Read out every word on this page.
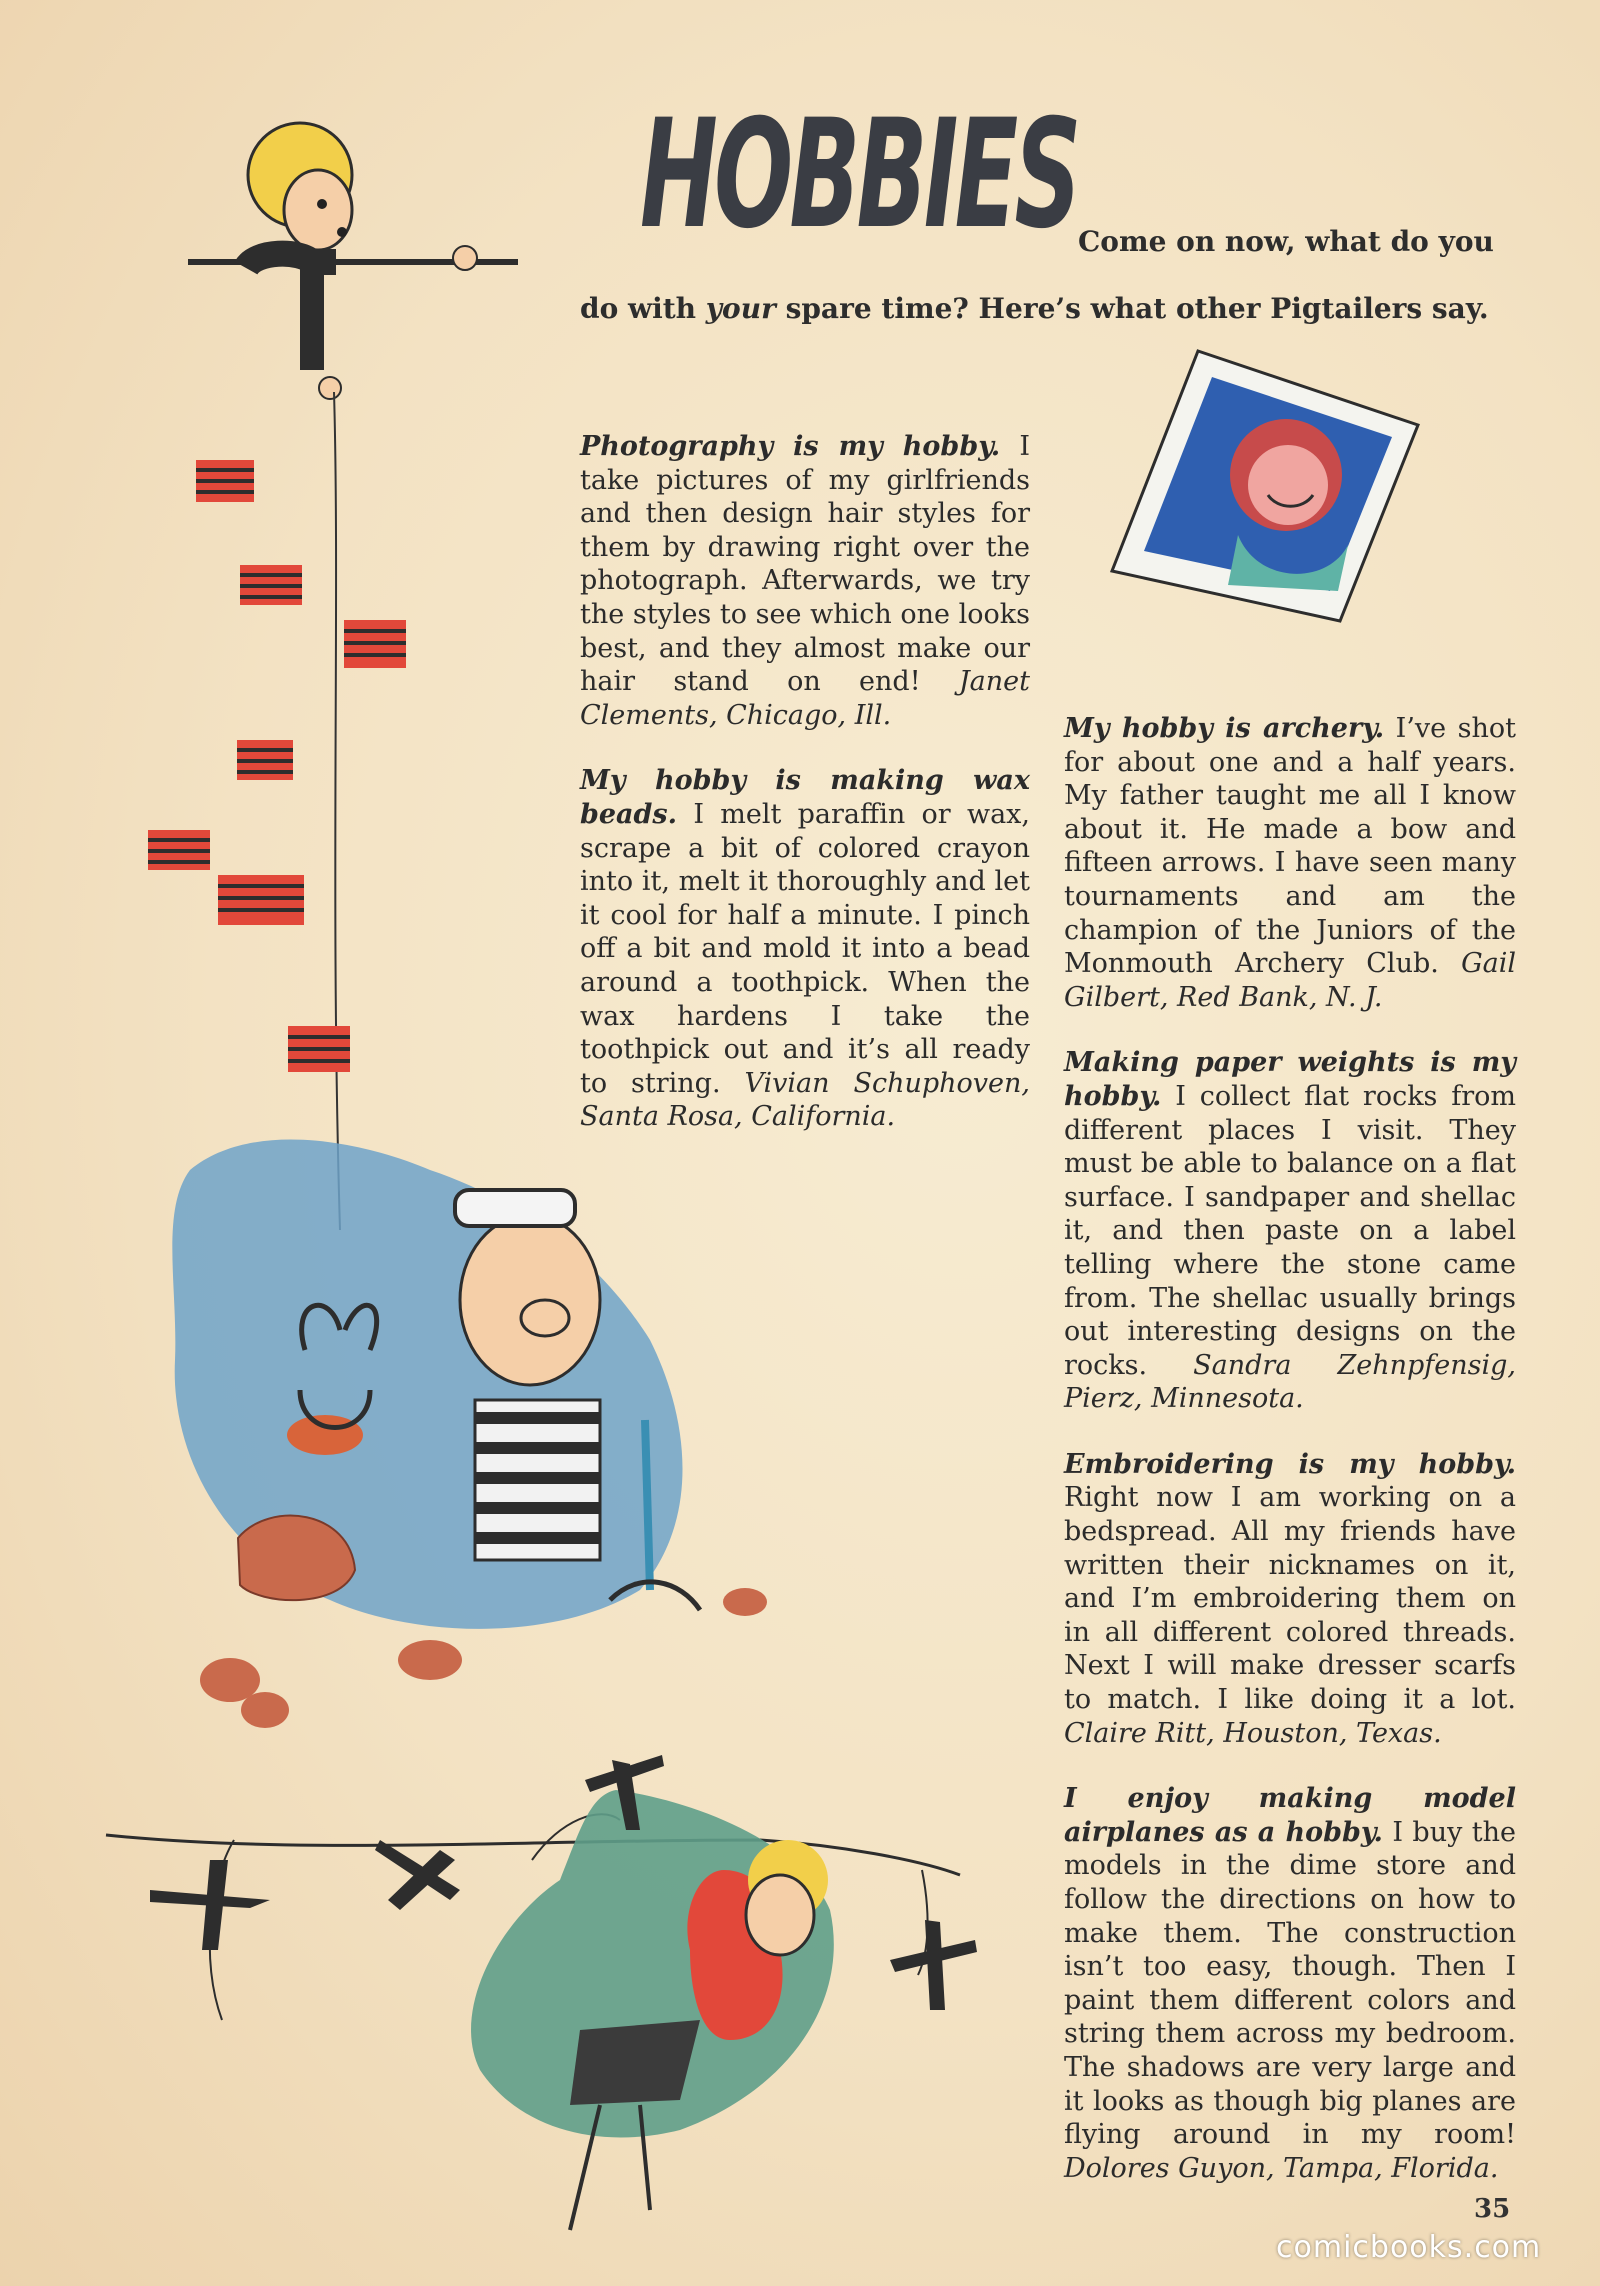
HOBBIES Come on now, what do you
do with your spare time? Here’s what other Pigtailers say.

Photography is my hobby. I take pictures of my girlfriends and then design hair styles for them by drawing right over the photograph. Afterwards, we try the styles to see which one looks best, and they almost make our hair stand on end! Janet Clements, Chicago, Ill.

My hobby is making wax beads. I melt paraffin or wax, scrape a bit of colored crayon into it, melt it thoroughly and let it cool for half a minute. I pinch off a bit and mold it into a bead around a toothpick. When the wax hardens I take the toothpick out and it’s all ready to string. Vivian Schuphoven, Santa Rosa, California.

My hobby is archery. I’ve shot for about one and a half years. My father taught me all I know about it. He made a bow and fifteen arrows. I have seen many tournaments and am the champion of the Juniors of the Monmouth Archery Club. Gail Gilbert, Red Bank, N. J.

Making paper weights is my hobby. I collect flat rocks from different places I visit. They must be able to balance on a flat surface. I sandpaper and shellac it, and then paste on a label telling where the stone came from. The shellac usually brings out interesting designs on the rocks. Sandra Zehnpfensig, Pierz, Minnesota.

Embroidering is my hobby. Right now I am working on a bedspread. All my friends have written their nicknames on it, and I’m embroidering them on in all different colored threads. Next I will make dresser scarfs to match. I like doing it a lot. Claire Ritt, Houston, Texas.

I enjoy making model airplanes as a hobby. I buy the models in the dime store and follow the directions on how to make them. The construction isn’t too easy, though. Then I paint them different colors and string them across my bedroom. The shadows are very large and it looks as though big planes are flying around in my room! Dolores Guyon, Tampa, Florida.

35
comicbooks.com
